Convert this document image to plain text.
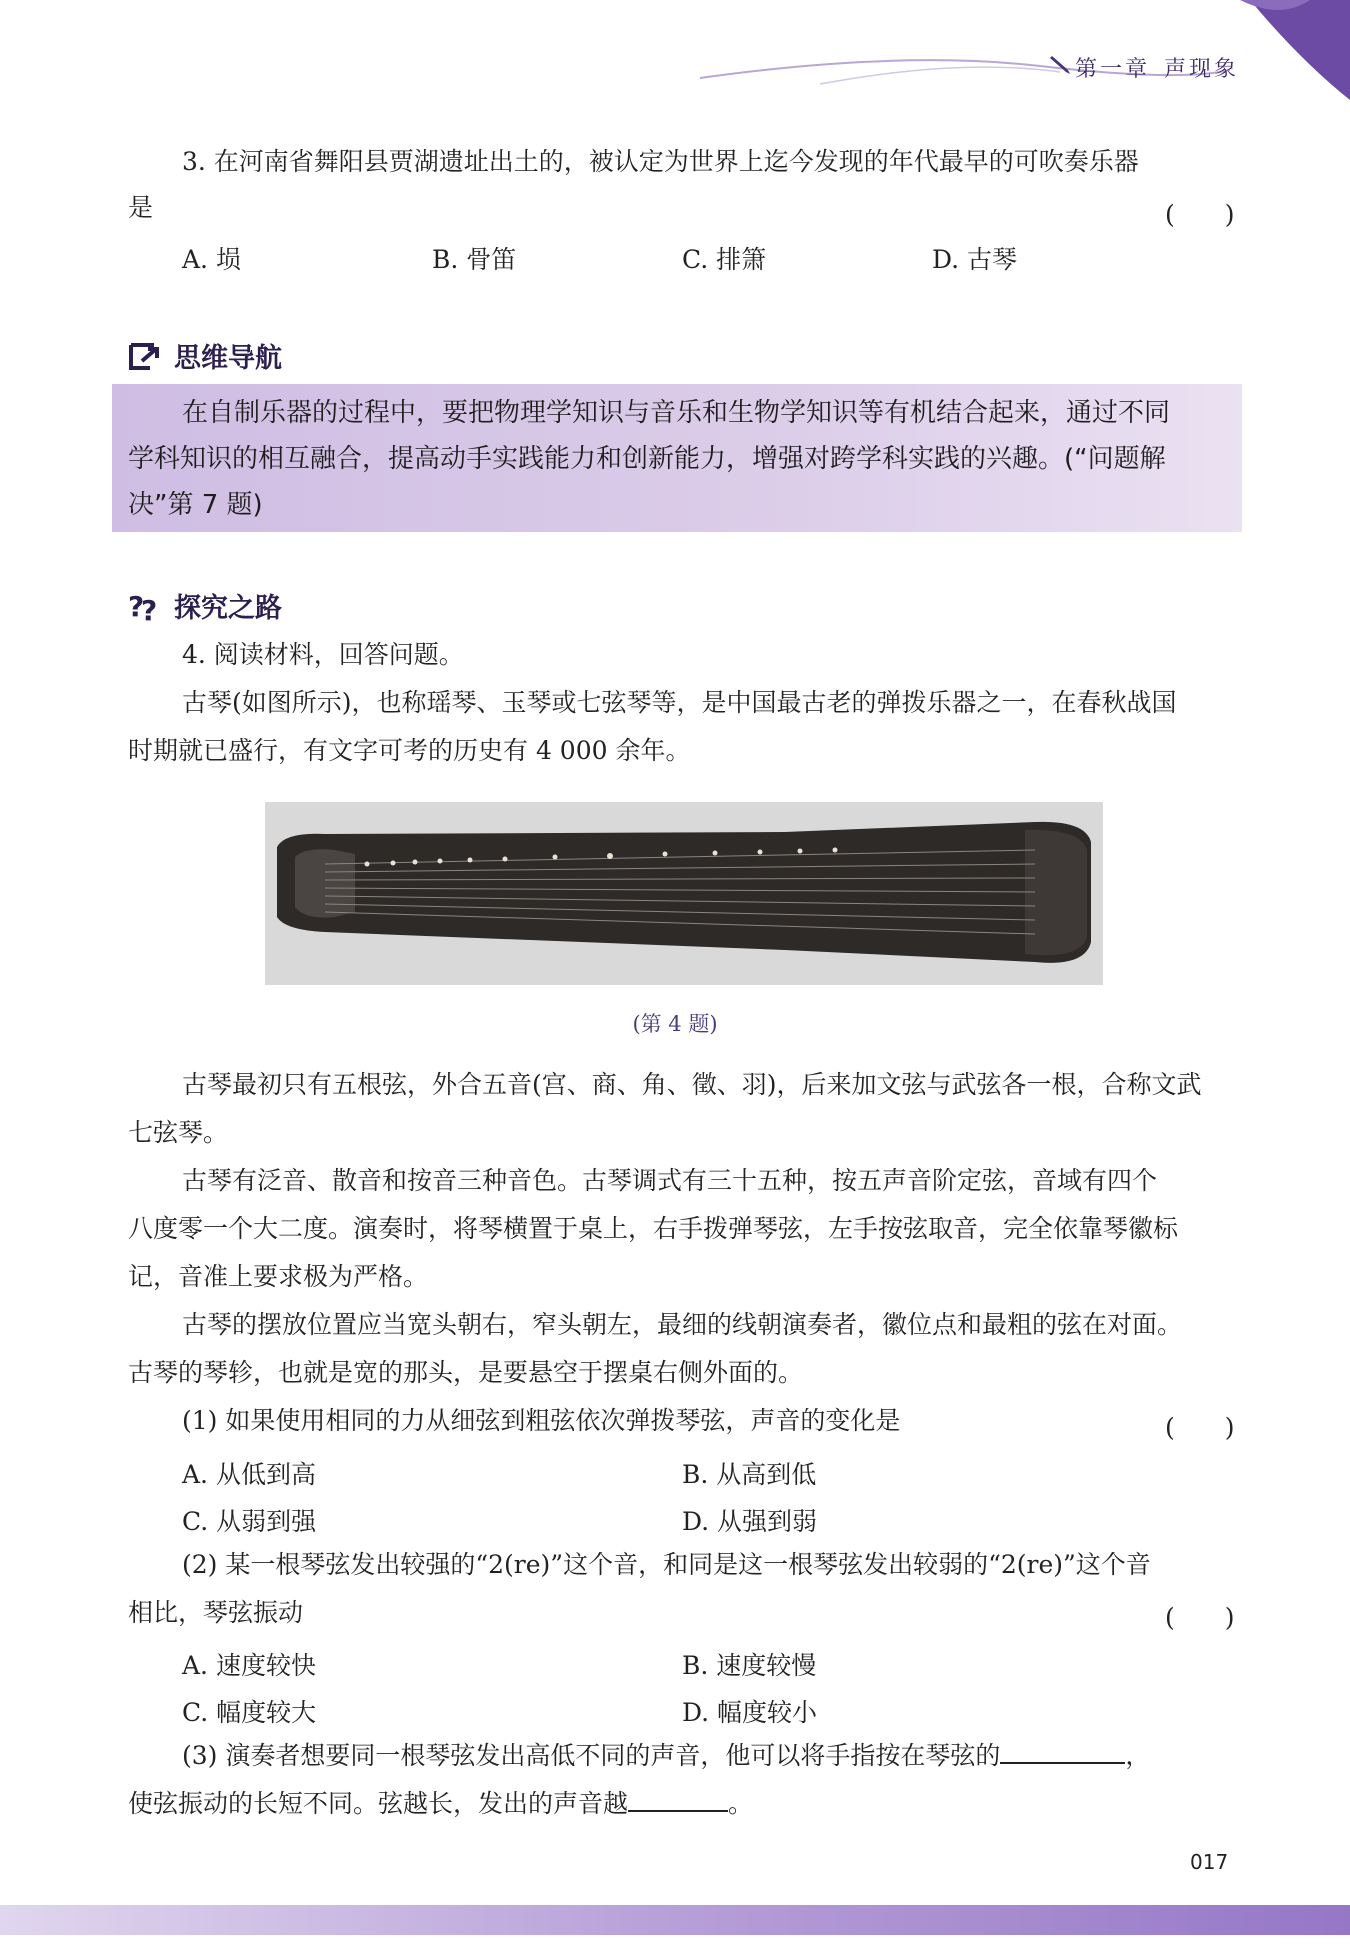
第一章 声现象
3. 在河南省舞阳县贾湖遗址出土的，被认定为世界上迄今发现的年代最早的可吹奏乐器
是	(　　)
A. 埙	B. 骨笛	C. 排箫	D. 古琴
思维导航
在自制乐器的过程中，要把物理学知识与音乐和生物学知识等有机结合起来，通过不同
学科知识的相互融合，提高动手实践能力和创新能力，增强对跨学科实践的兴趣。(“问题解
决”第 7 题)
?
? 探究之路
4. 阅读材料，回答问题。
古琴(如图所示)，也称瑶琴、玉琴或七弦琴等，是中国最古老的弹拨乐器之一，在春秋战国
时期就已盛行，有文字可考的历史有 4 000 余年。
(第 4 题)
古琴最初只有五根弦，外合五音(宫、商、角、徵、羽)，后来加文弦与武弦各一根，合称文武
七弦琴。
古琴有泛音、散音和按音三种音色。古琴调式有三十五种，按五声音阶定弦，音域有四个
八度零一个大二度。演奏时，将琴横置于桌上，右手拨弹琴弦，左手按弦取音，完全依靠琴徽标
记，音准上要求极为严格。
古琴的摆放位置应当宽头朝右，窄头朝左，最细的线朝演奏者，徽位点和最粗的弦在对面。
古琴的琴轸，也就是宽的那头，是要悬空于摆桌右侧外面的。
(1) 如果使用相同的力从细弦到粗弦依次弹拨琴弦，声音的变化是	(　　)
A. 从低到高	B. 从高到低
C. 从弱到强	D. 从强到弱
(2) 某一根琴弦发出较强的“2(re)”这个音，和同是这一根琴弦发出较弱的“2(re)”这个音
相比，琴弦振动	(　　)
A. 速度较快	B. 速度较慢
C. 幅度较大	D. 幅度较小
(3) 演奏者想要同一根琴弦发出高低不同的声音，他可以将手指按在琴弦的	，
使弦振动的长短不同。弦越长，发出的声音越	。
017
